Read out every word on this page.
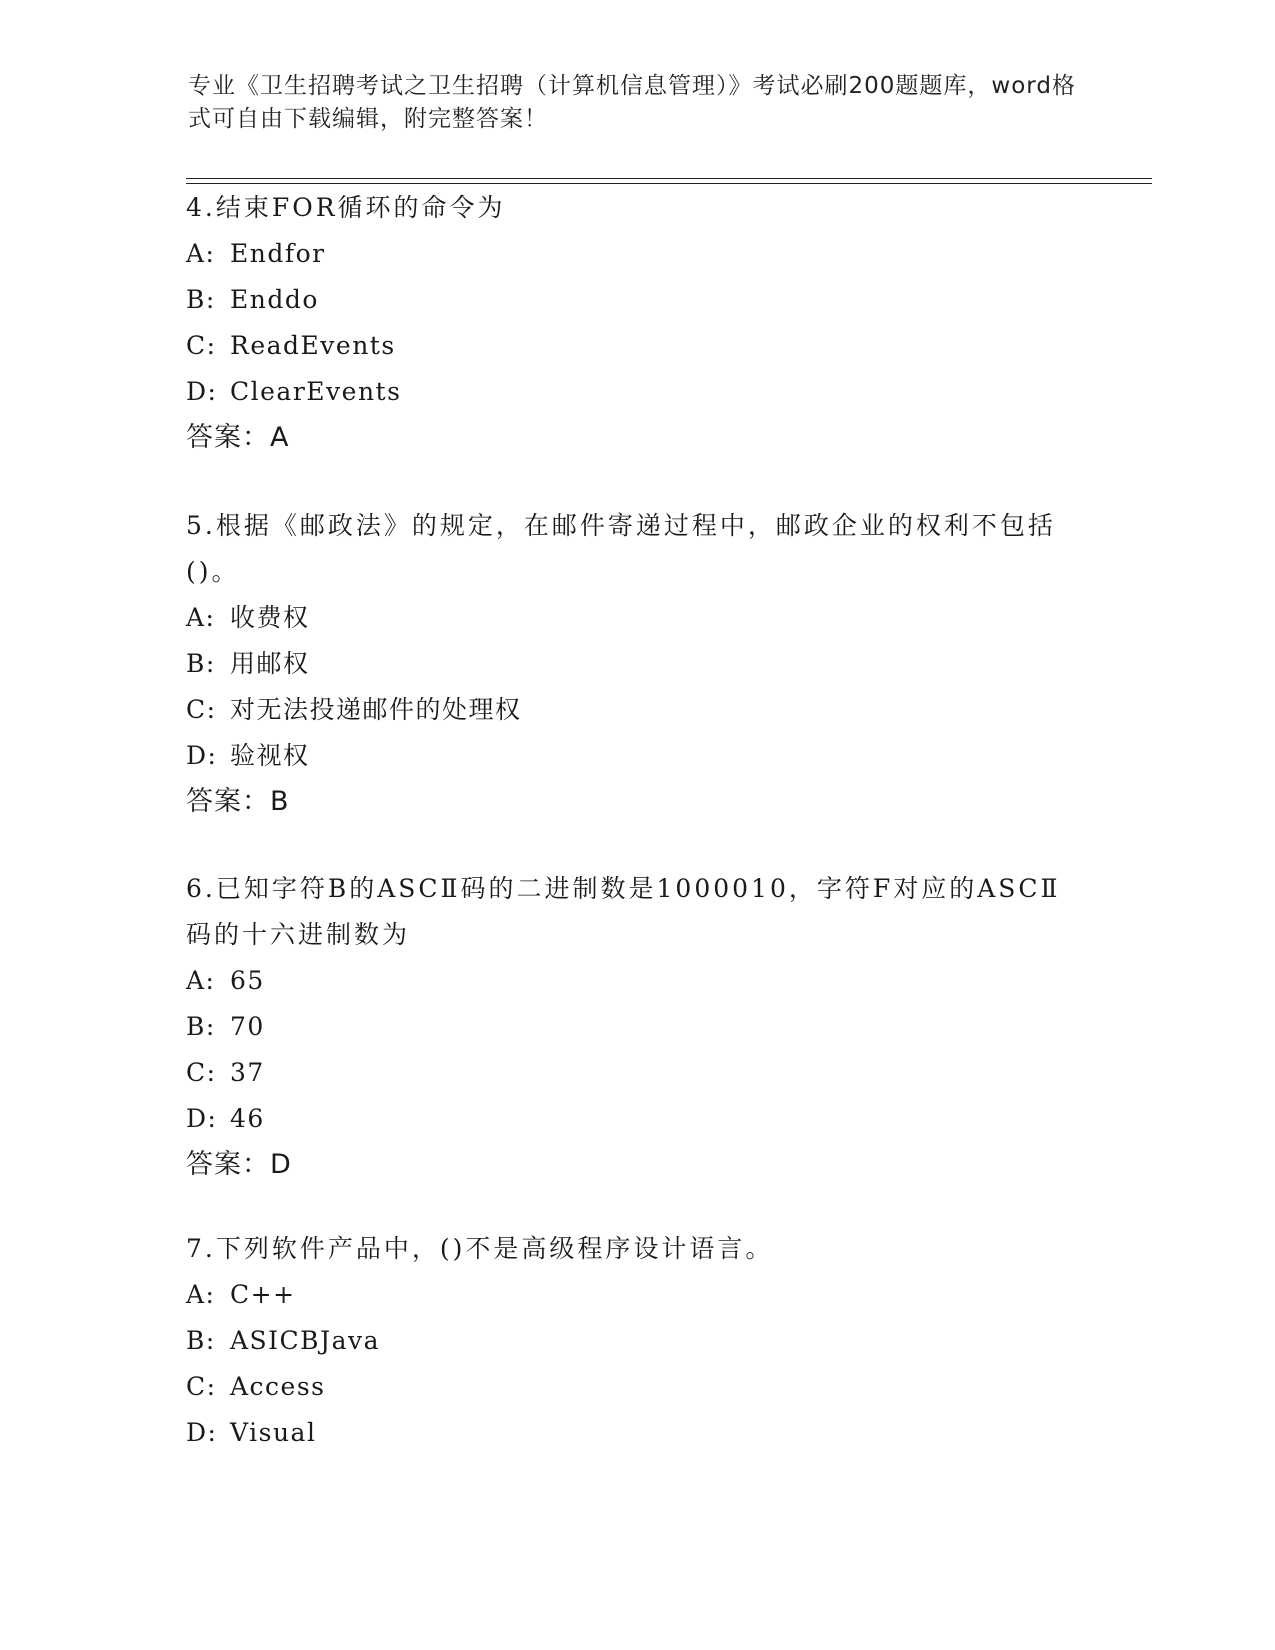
专业《卫生招聘考试之卫生招聘（计算机信息管理）》考试必刷200题题库，word格式可自由下载编辑，附完整答案！

4.结束FOR循环的命令为

A: Endfor

B: Enddo

C: ReadEvents

D: ClearEvents

答案：A

5.根据《邮政法》的规定，在邮件寄递过程中，邮政企业的权利不包括()。

A: 收费权

B: 用邮权

C: 对无法投递邮件的处理权

D: 验视权

答案：B

6.已知字符B的ASCⅡ码的二进制数是1000010，字符F对应的ASCⅡ码的十六进制数为

A: 65

B: 70

C: 37

D: 46

答案：D

7.下列软件产品中，()不是高级程序设计语言。

A: C++

B: ASICBJava

C: Access

D: Visual
